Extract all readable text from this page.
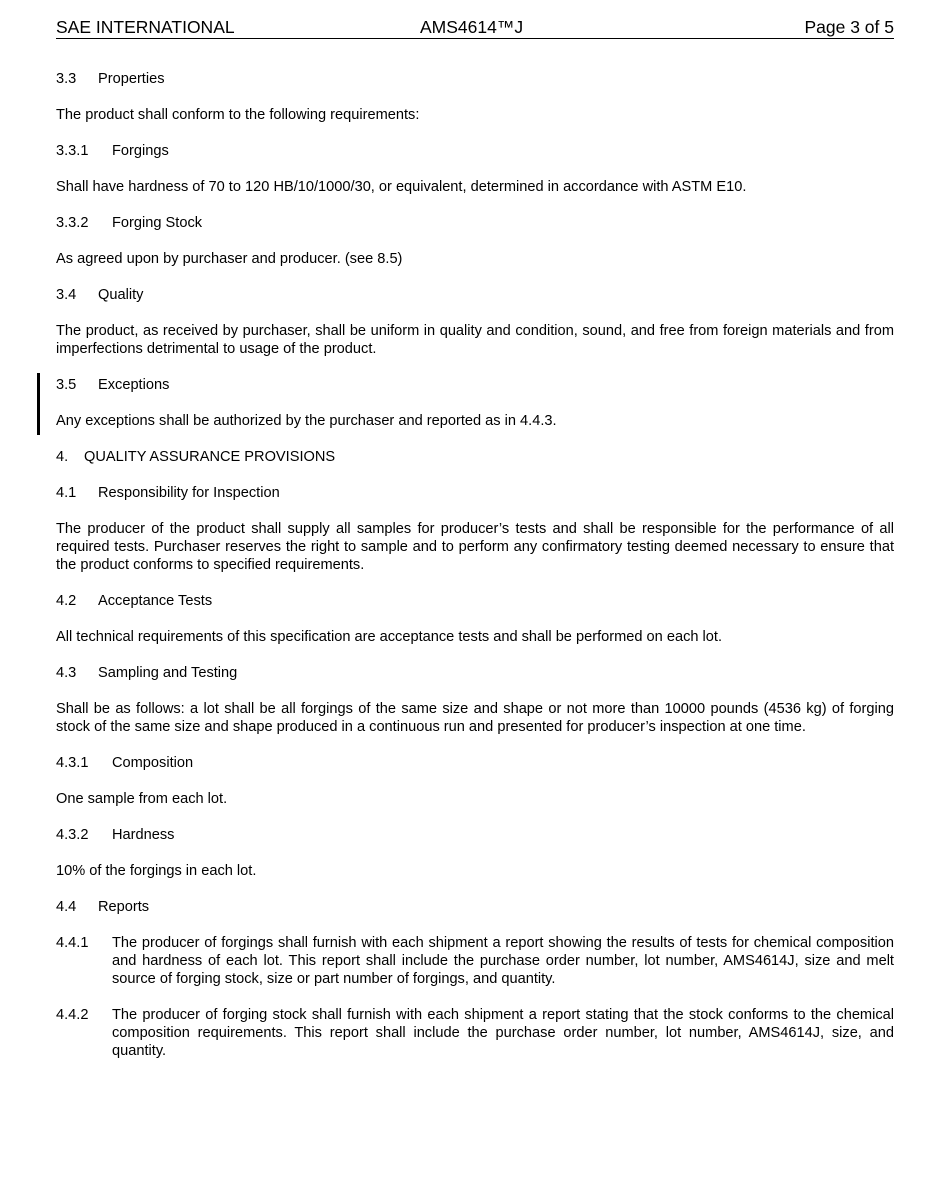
SAE INTERNATIONAL	AMS4614™J	Page 3 of 5
3.3	Properties
The product shall conform to the following requirements:
3.3.1	Forgings
Shall have hardness of 70 to 120 HB/10/1000/30, or equivalent, determined in accordance with ASTM E10.
3.3.2	Forging Stock
As agreed upon by purchaser and producer. (see 8.5)
3.4	Quality
The product, as received by purchaser, shall be uniform in quality and condition, sound, and free from foreign materials and from imperfections detrimental to usage of the product.
3.5	Exceptions
Any exceptions shall be authorized by the purchaser and reported as in 4.4.3.
4.	QUALITY ASSURANCE PROVISIONS
4.1	Responsibility for Inspection
The producer of the product shall supply all samples for producer’s tests and shall be responsible for the performance of all required tests. Purchaser reserves the right to sample and to perform any confirmatory testing deemed necessary to ensure that the product conforms to specified requirements.
4.2	Acceptance Tests
All technical requirements of this specification are acceptance tests and shall be performed on each lot.
4.3	Sampling and Testing
Shall be as follows: a lot shall be all forgings of the same size and shape or not more than 10000 pounds (4536 kg) of forging stock of the same size and shape produced in a continuous run and presented for producer’s inspection at one time.
4.3.1	Composition
One sample from each lot.
4.3.2	Hardness
10% of the forgings in each lot.
4.4	Reports
4.4.1	The producer of forgings shall furnish with each shipment a report showing the results of tests for chemical composition and hardness of each lot. This report shall include the purchase order number, lot number, AMS4614J, size and melt source of forging stock, size or part number of forgings, and quantity.
4.4.2	The producer of forging stock shall furnish with each shipment a report stating that the stock conforms to the chemical composition requirements. This report shall include the purchase order number, lot number, AMS4614J, size, and quantity.
